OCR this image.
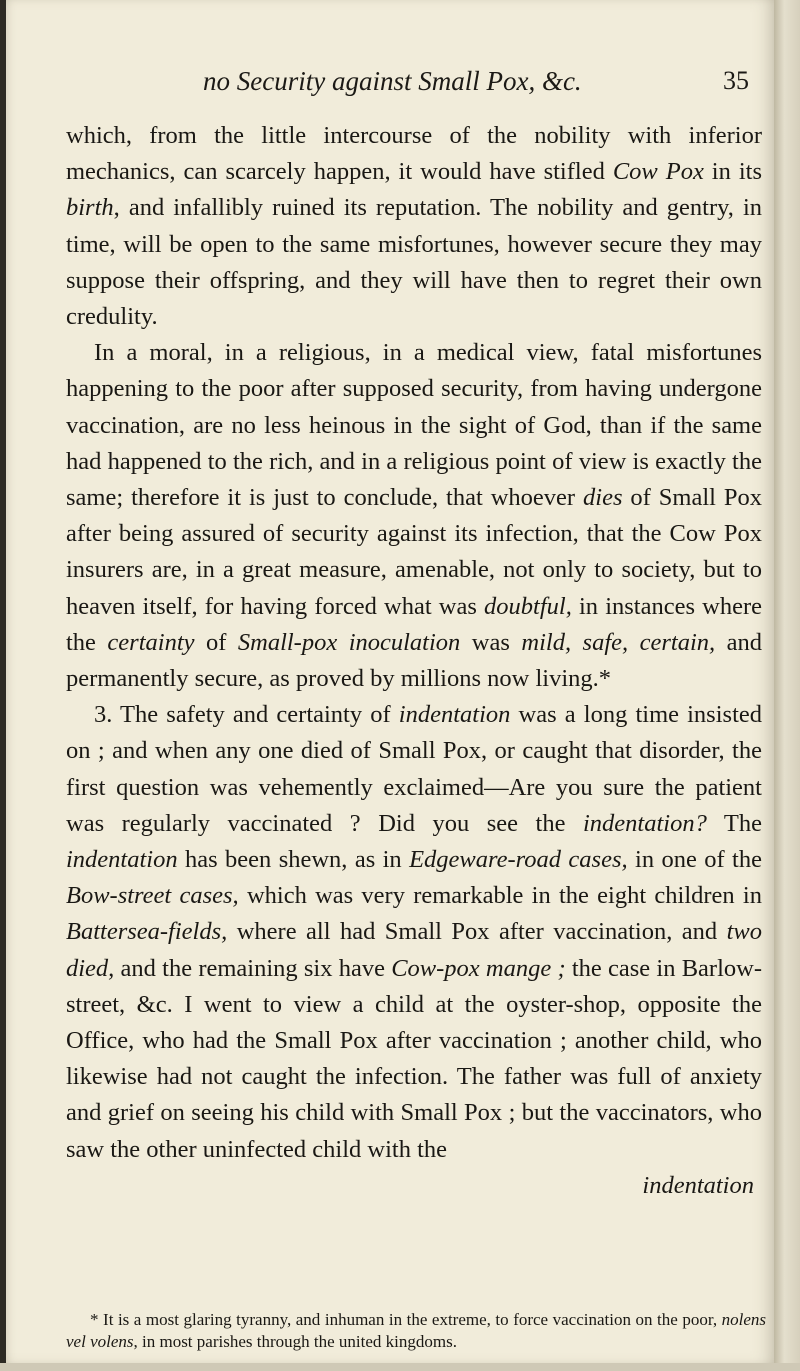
no Security against Small Pox, &c.	35

which, from the little intercourse of the nobility with inferior mechanics, can scarcely happen, it would have stifled Cow Pox in its birth, and infallibly ruined its reputation. The nobility and gentry, in time, will be open to the same misfortunes, however secure they may suppose their offspring, and they will have then to regret their own credulity.

In a moral, in a religious, in a medical view, fatal misfortunes happening to the poor after supposed security, from having undergone vaccination, are no less heinous in the sight of God, than if the same had happened to the rich, and in a religious point of view is exactly the same; therefore it is just to conclude, that whoever dies of Small Pox after being assured of security against its infection, that the Cow Pox insurers are, in a great measure, amenable, not only to society, but to heaven itself, for having forced what was doubtful, in instances where the certainty of Small-pox inoculation was mild, safe, certain, and permanently secure, as proved by millions now living.*

3. The safety and certainty of indentation was a long time insisted on ; and when any one died of Small Pox, or caught that disorder, the first question was vehemently exclaimed—Are you sure the patient was regularly vaccinated ? Did you see the indentation? The indentation has been shewn, as in Edgeware-road cases, in one of the Bow-street cases, which was very remarkable in the eight children in Battersea-fields, where all had Small Pox after vaccination, and two died, and the remaining six have Cow-pox mange ; the case in Barlow-street, &c. I went to view a child at the oyster-shop, opposite the Office, who had the Small Pox after vaccination ; another child, who likewise had not caught the infection. The father was full of anxiety and grief on seeing his child with Small Pox ; but the vaccinators, who saw the other uninfected child with the

indentation

* It is a most glaring tyranny, and inhuman in the extreme, to force vaccination on the poor, nolens vel volens, in most parishes through the united kingdoms.
